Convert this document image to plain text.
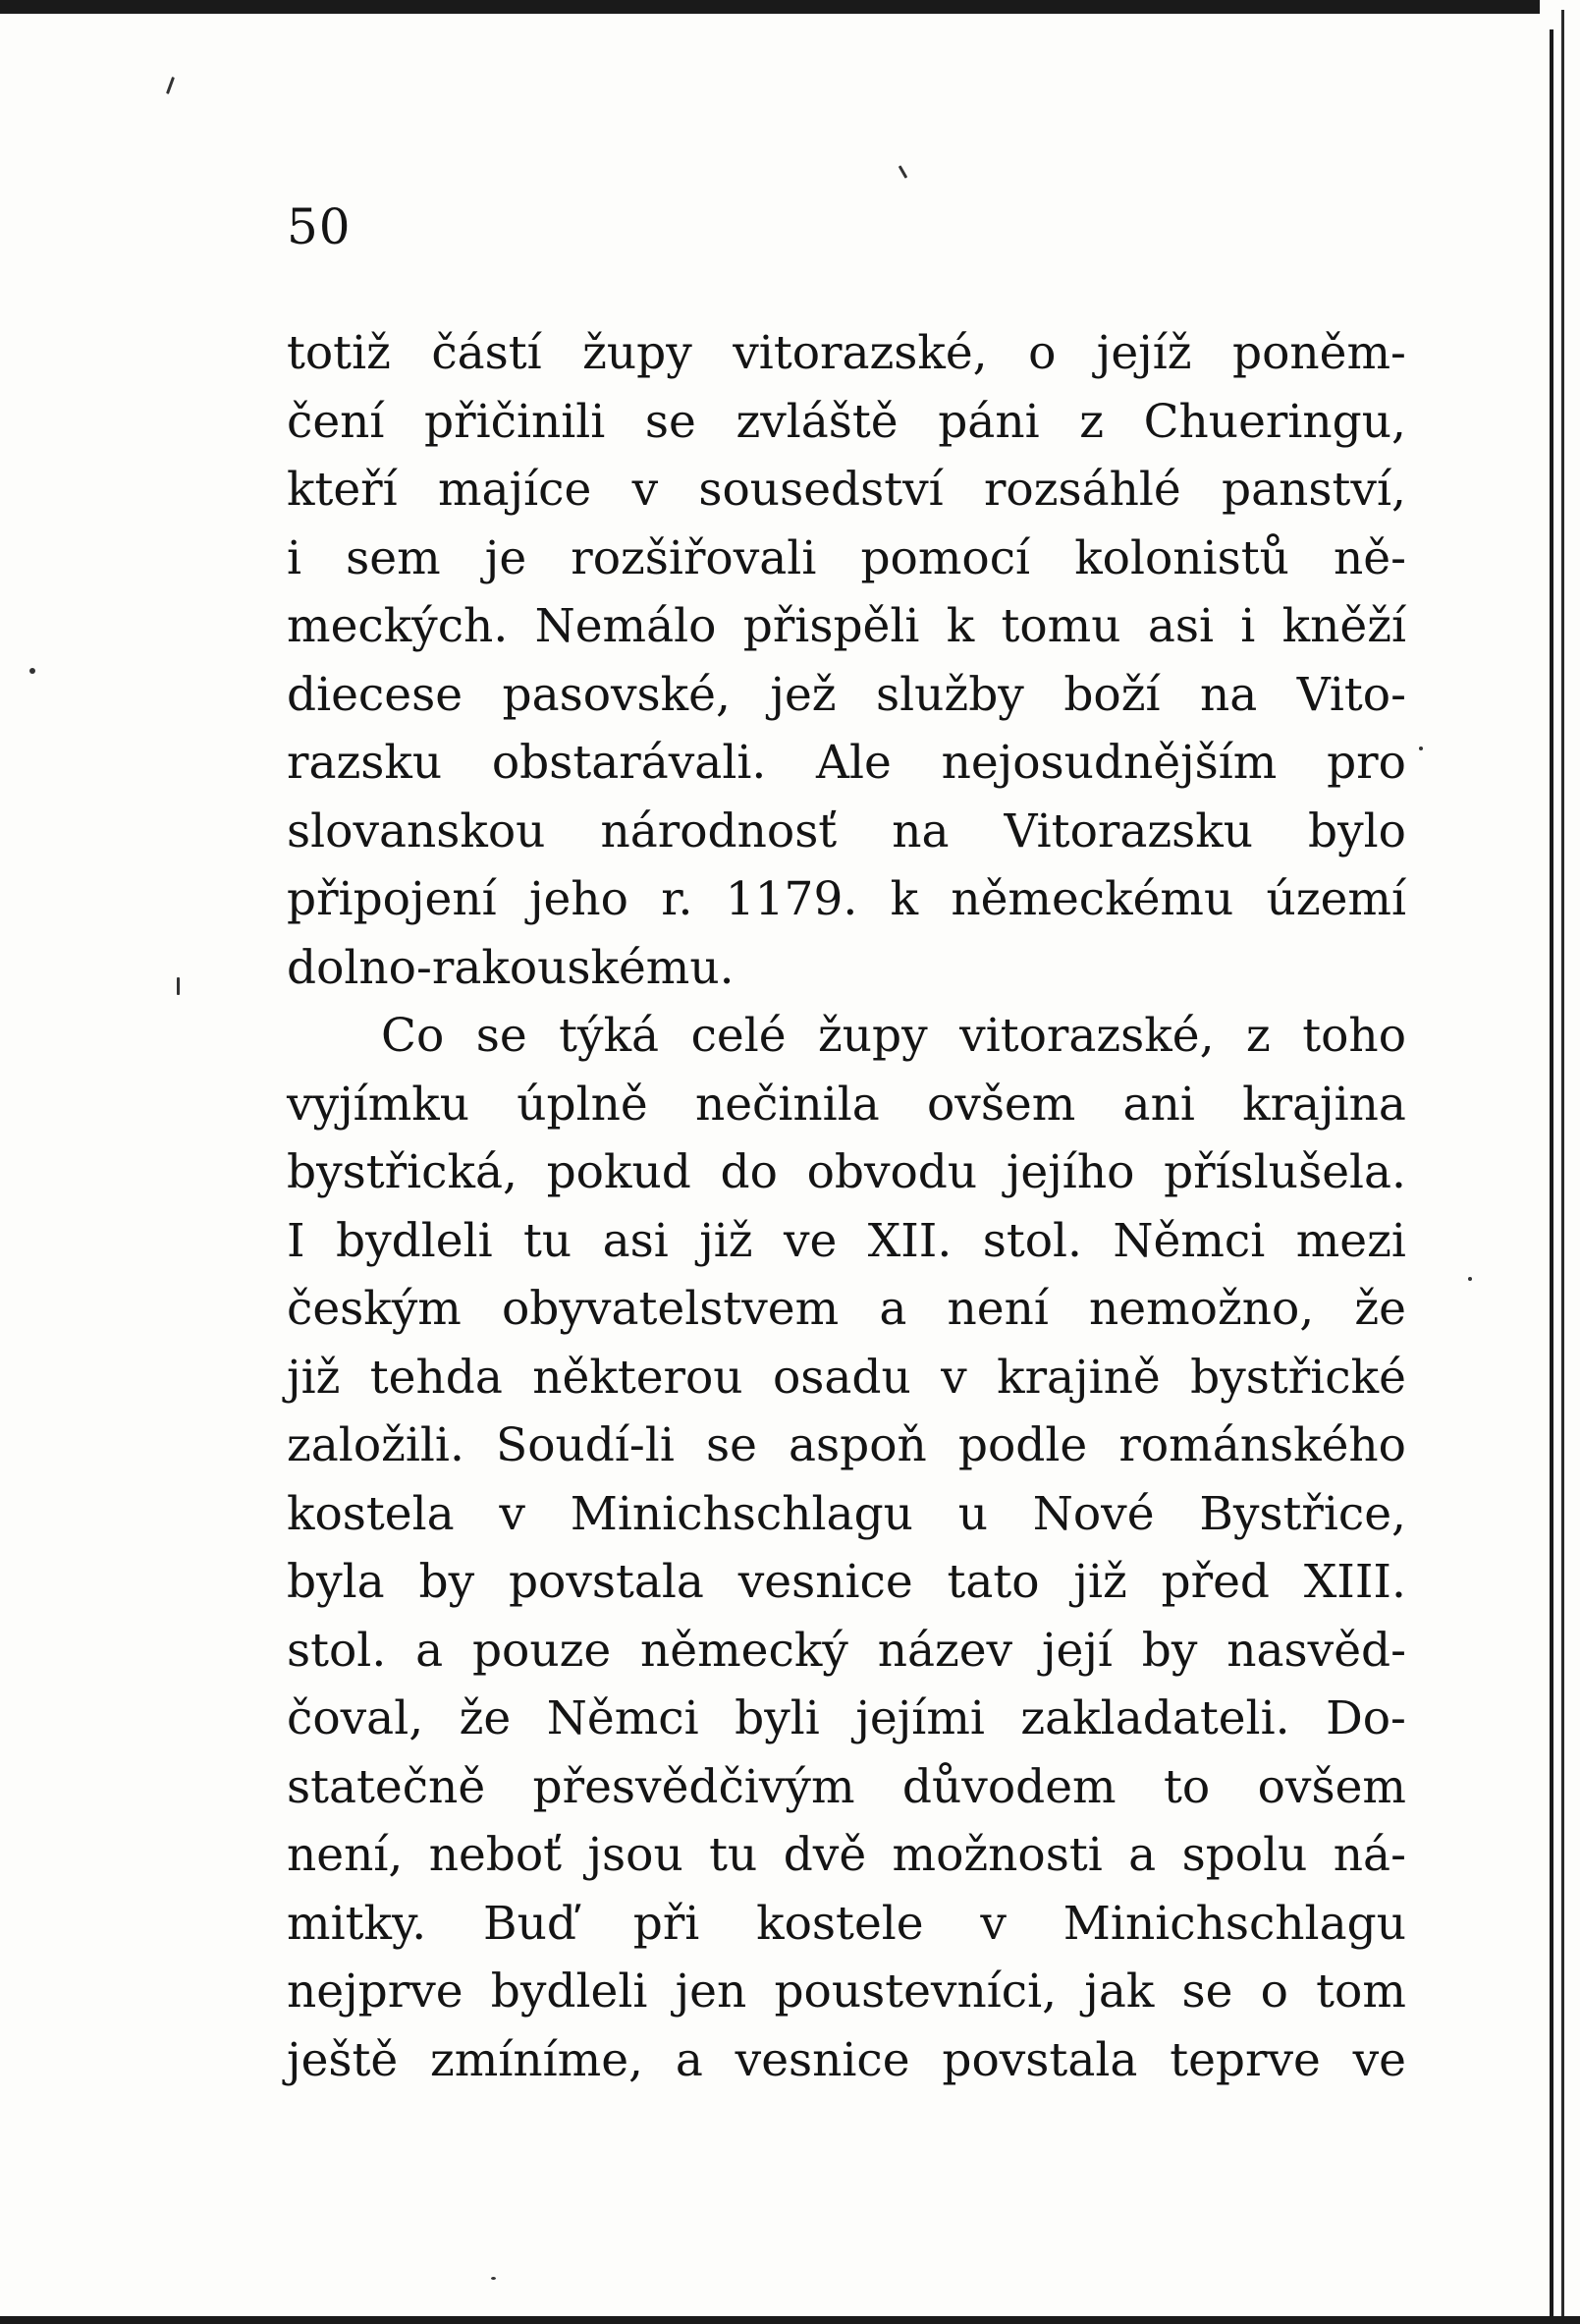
50
totiž částí župy vitorazské, o jejíž poněm-
čení přičinili se zvláště páni z Chueringu,
kteří majíce v sousedství rozsáhlé panství,
i sem je rozšiřovali pomocí kolonistů ně-
meckých. Nemálo přispěli k tomu asi i kněží
diecese pasovské, jež služby boží na Vito-
razsku obstarávali. Ale nejosudnějším pro
slovanskou národnosť na Vitorazsku bylo
připojení jeho r. 1179. k německému území
dolno-rakouskému.
Co se týká celé župy vitorazské, z toho
vyjímku úplně nečinila ovšem ani krajina
bystřická, pokud do obvodu jejího příslušela.
I bydleli tu asi již ve XII. stol. Němci mezi
českým obyvatelstvem a není nemožno, že
již tehda některou osadu v krajině bystřické
založili. Soudí-li se aspoň podle románského
kostela v Minichschlagu u Nové Bystřice,
byla by povstala vesnice tato již před XIII.
stol. a pouze německý název její by nasvěd-
čoval, že Němci byli jejími zakladateli. Do-
statečně přesvědčivým důvodem to ovšem
není, neboť jsou tu dvě možnosti a spolu ná-
mitky. Buď při kostele v Minichschlagu
nejprve bydleli jen poustevníci, jak se o tom
ještě zmíníme, a vesnice povstala teprve ve
